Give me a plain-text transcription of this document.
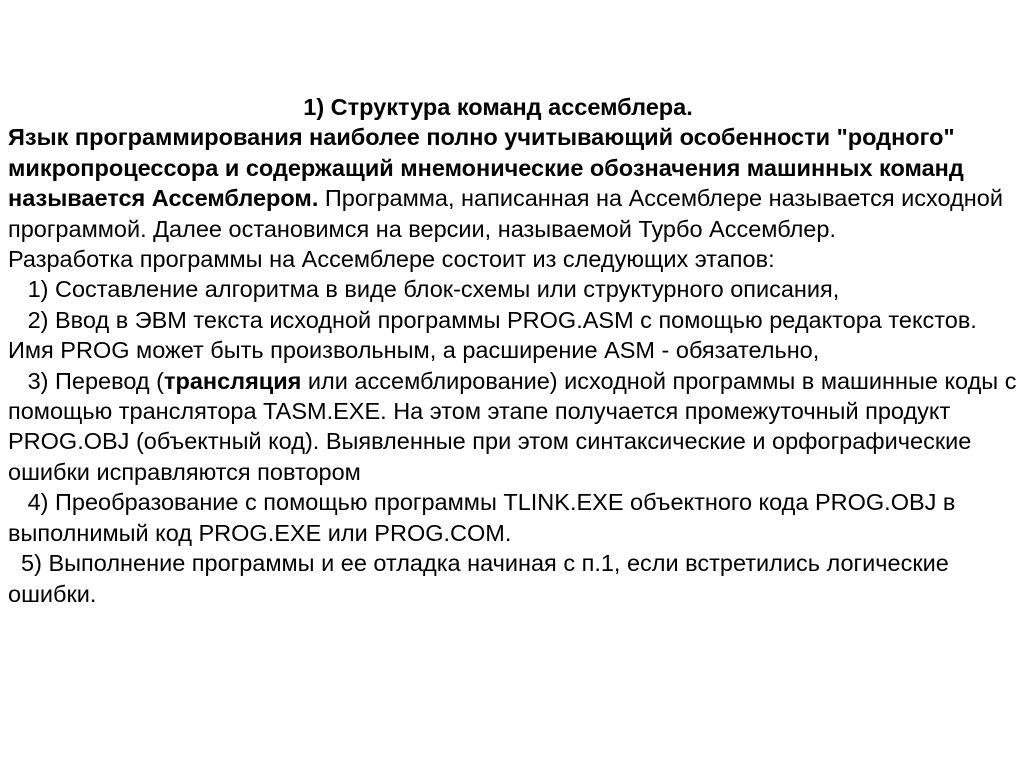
1) Структура команд ассемблера.

Язык программирования наиболее полно учитывающий особенности "родного" микропроцессора и содержащий мнемонические обозначения машинных команд называется Ассемблером. Программа, написанная на Ассемблере называется исходной программой. Далее остановимся на версии, называемой Турбо Ассемблер.

Разработка программы на Ассемблере состоит из следующих этапов:

1) Составление алгоритма в виде блок-схемы или структурного описания,

2) Ввод в ЭВМ текста исходной программы PROG.ASM с помощью редактора текстов. Имя PROG может быть произвольным, а расширение ASM - обязательно,

3) Перевод (трансляция или ассемблирование) исходной программы в машинные коды с помощью транслятора TASM.EXE. На этом этапе получается промежуточный продукт PROG.OBJ (объектный код). Выявленные при этом синтаксические и орфографические ошибки исправляются повтором

4) Преобразование с помощью программы TLINK.EXE объектного кода PROG.OBJ в выполнимый код PROG.EXE или PROG.COM.

5) Выполнение программы и ее отладка начиная с п.1, если встретились логические ошибки.
